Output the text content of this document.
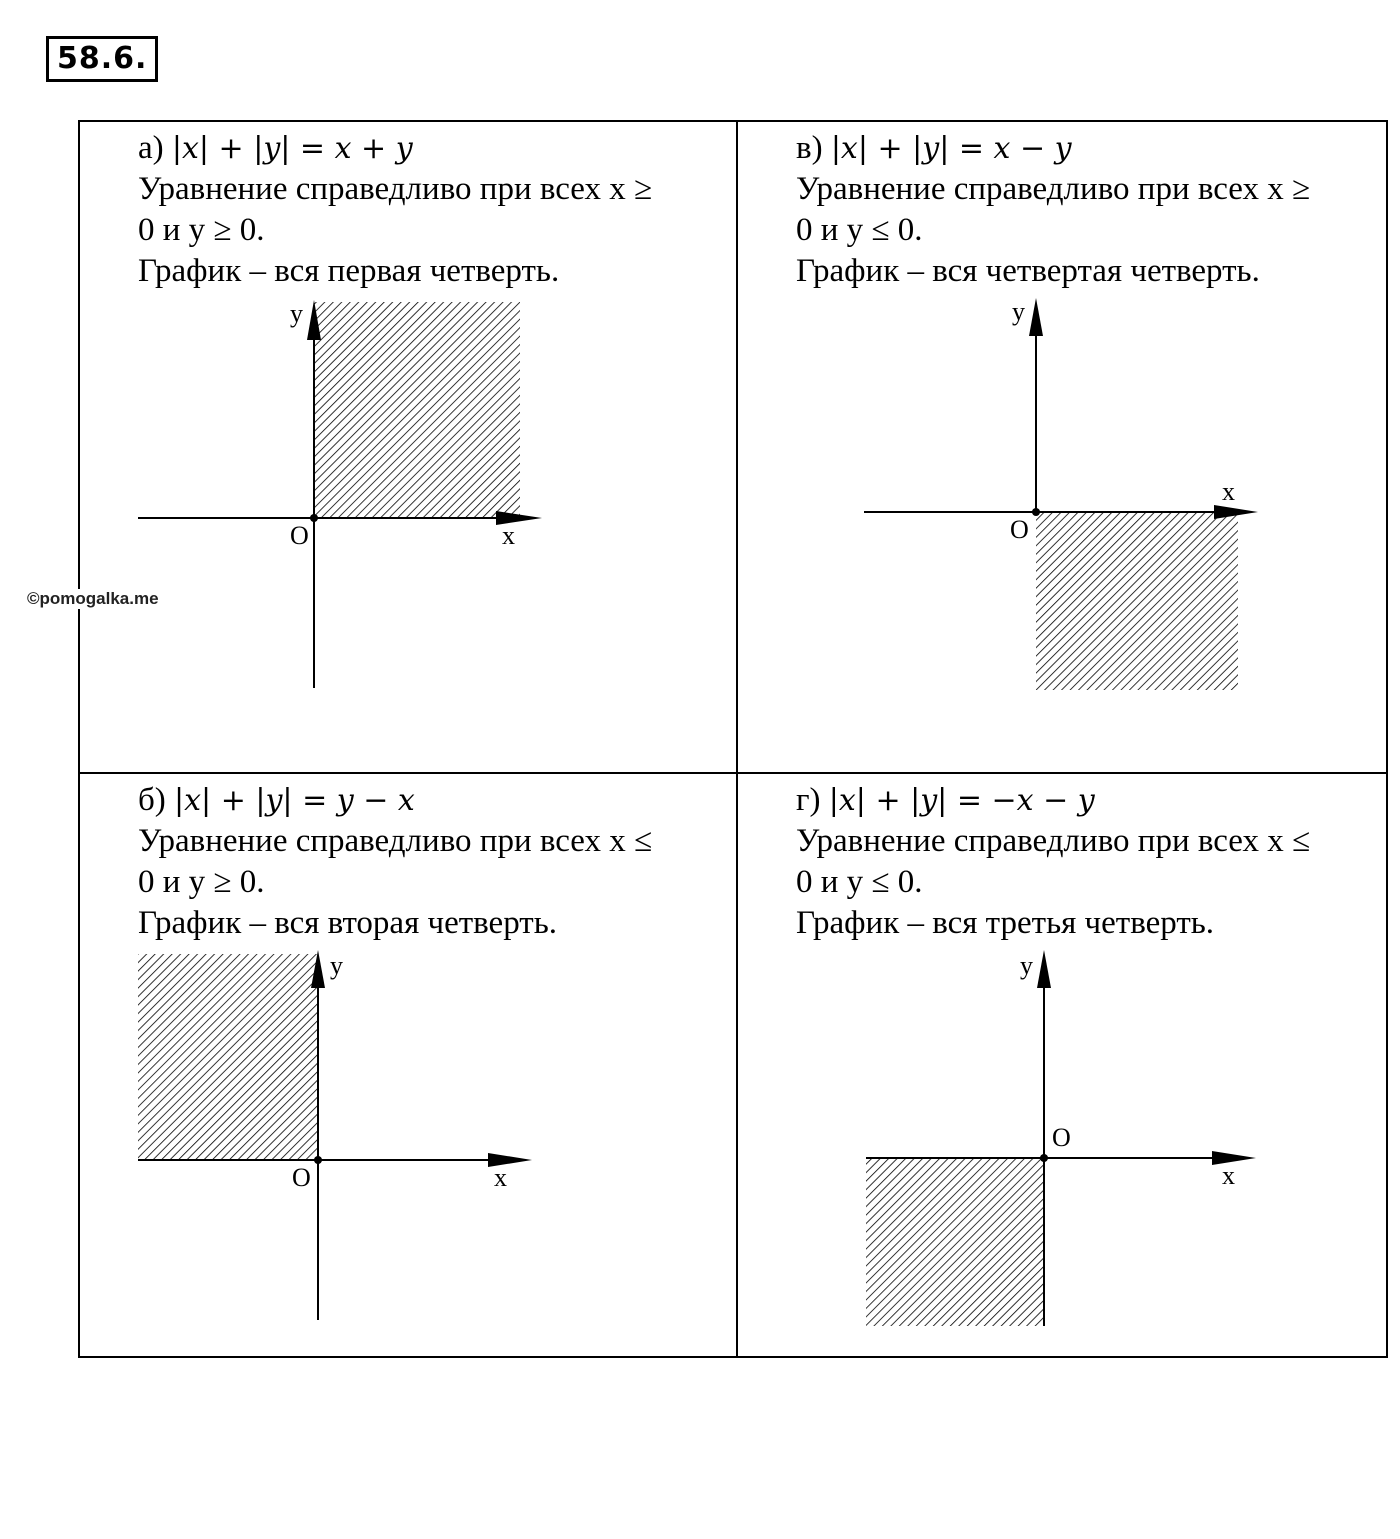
58.6.
©pomogalka.me
а) |x| + |y| = x + y
Уравнение справедливо при всех x ≥
0 и y ≥ 0.
График – вся первая четверть.
O	x
y
в) |x| + |y| = x − y
Уравнение справедливо при всех x ≥
0 и y ≤ 0.
График – вся четвертая четверть.
O
x
y
б) |x| + |y| = y − x
Уравнение справедливо при всех x ≤
0 и y ≥ 0.
График – вся вторая четверть.
O	x
y
г) |x| + |y| = −x − y
Уравнение справедливо при всех x ≤
0 и y ≤ 0.
График – вся третья четверть.
O
x
y
